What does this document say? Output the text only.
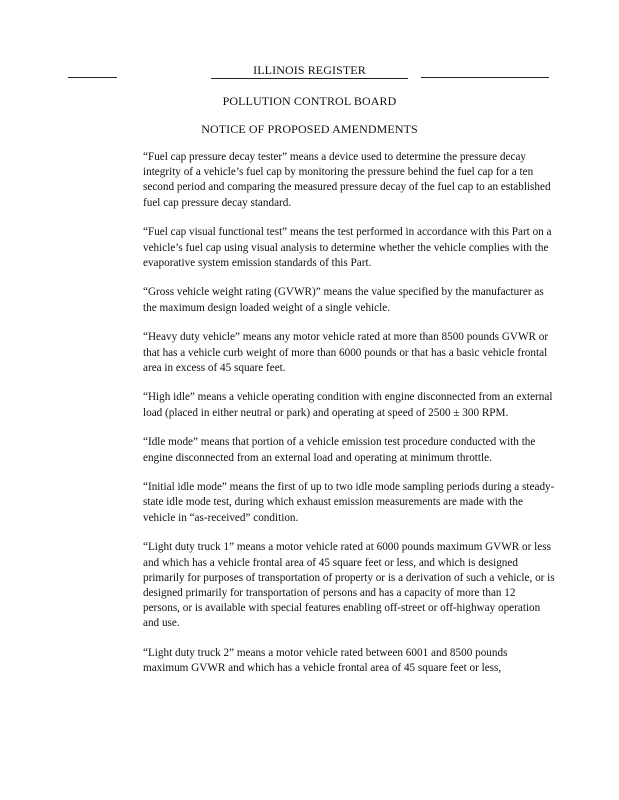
ILLINOIS REGISTER
POLLUTION CONTROL BOARD
NOTICE OF PROPOSED AMENDMENTS

“Fuel cap pressure decay tester” means a device used to determine the pressure decay integrity of a vehicle’s fuel cap by monitoring the pressure behind the fuel cap for a ten second period and comparing the measured pressure decay of the fuel cap to an established fuel cap pressure decay standard.

“Fuel cap visual functional test” means the test performed in accordance with this Part on a vehicle’s fuel cap using visual analysis to determine whether the vehicle complies with the evaporative system emission standards of this Part.

“Gross vehicle weight rating (GVWR)” means the value specified by the manufacturer as the maximum design loaded weight of a single vehicle.

“Heavy duty vehicle” means any motor vehicle rated at more than 8500 pounds GVWR or that has a vehicle curb weight of more than 6000 pounds or that has a basic vehicle frontal area in excess of 45 square feet.

“High idle” means a vehicle operating condition with engine disconnected from an external load (placed in either neutral or park) and operating at speed of 2500 ± 300 RPM.

“Idle mode” means that portion of a vehicle emission test procedure conducted with the engine disconnected from an external load and operating at minimum throttle.

“Initial idle mode” means the first of up to two idle mode sampling periods during a steady-state idle mode test, during which exhaust emission measurements are made with the vehicle in “as-received” condition.

“Light duty truck 1” means a motor vehicle rated at 6000 pounds maximum GVWR or less and which has a vehicle frontal area of 45 square feet or less, and which is designed primarily for purposes of transportation of property or is a derivation of such a vehicle, or is designed primarily for transportation of persons and has a capacity of more than 12 persons, or is available with special features enabling off-street or off-highway operation and use.

“Light duty truck 2” means a motor vehicle rated between 6001 and 8500 pounds maximum GVWR and which has a vehicle frontal area of 45 square feet or less,
